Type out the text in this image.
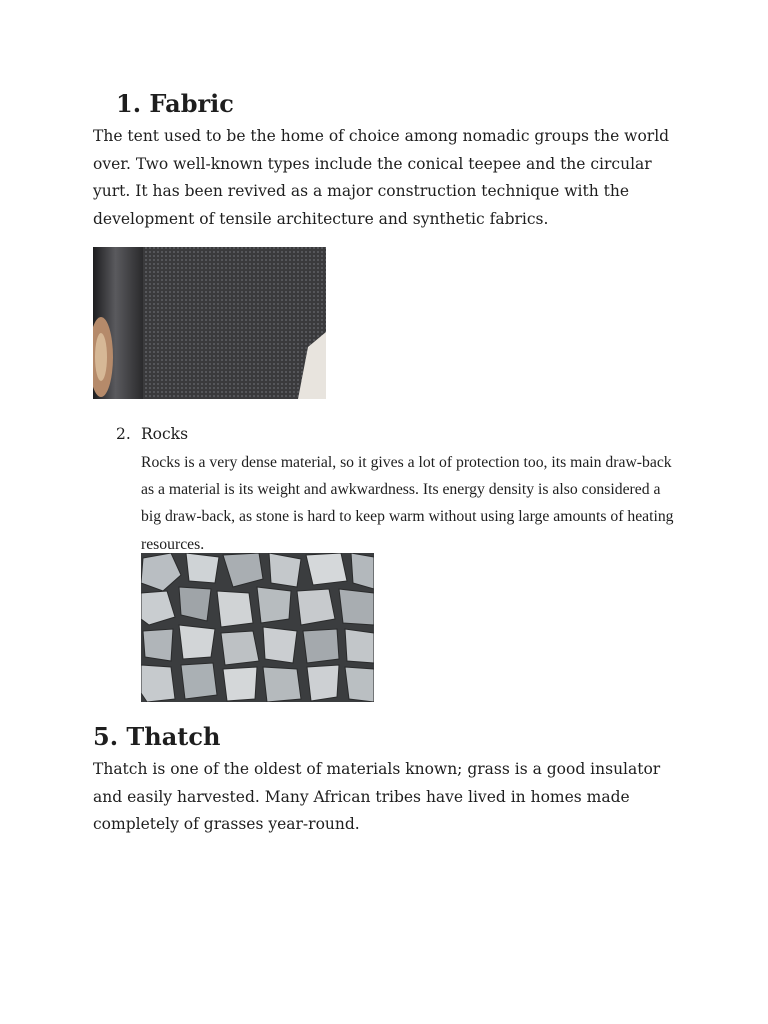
1. Fabric

The tent used to be the home of choice among nomadic groups the world over. Two well-known types include the conical teepee and the circular yurt. It has been revived as a major construction technique with the development of tensile architecture and synthetic fabrics.

2. Rocks

Rocks is a very dense material, so it gives a lot of protection too, its main draw-back as a material is its weight and awkwardness. Its energy density is also considered a big draw-back, as stone is hard to keep warm without using large amounts of heating resources.

5. Thatch

Thatch is one of the oldest of materials known; grass is a good insulator and easily harvested. Many African tribes have lived in homes made completely of grasses year-round.
